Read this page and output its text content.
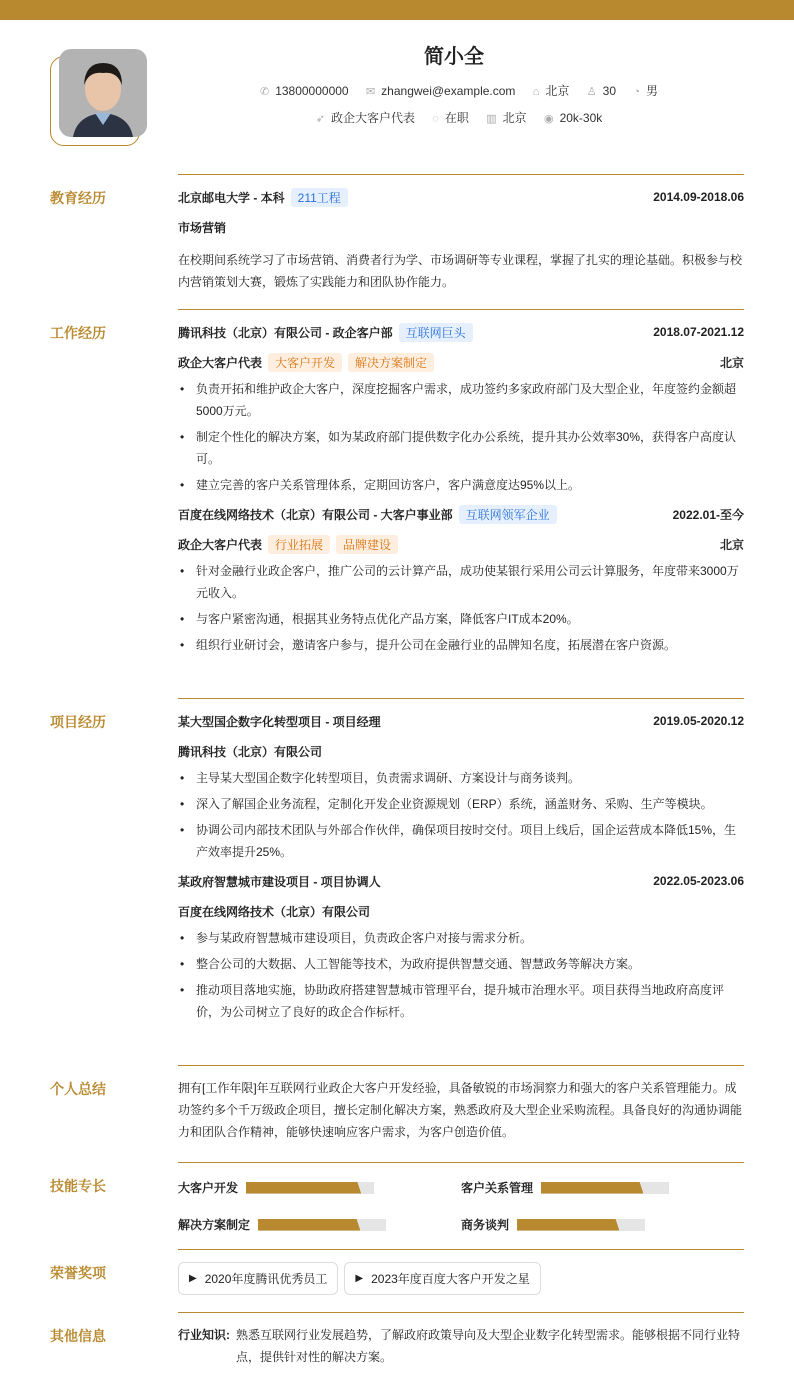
简小全
✆ 13800000000 ✉ zhangwei@example.com ⌂ 北京 ♙ 30 ◔ 男
➶ 政企大客户代表 ◌ 在职 ▥ 北京 ◉ 20k-30k
教育经历	北京邮电大学 - 本科 211工程	2014.09-2018.06
市场营销

在校期间系统学习了市场营销、消费者行为学、市场调研等专业课程，掌握了扎实的理论基础。积极参与校内营销策划大赛，锻炼了实践能力和团队协作能力。

工作经历	腾讯科技（北京）有限公司 - 政企客户部 互联网巨头	2018.07-2021.12
政企大客户代表 大客户开发 解决方案制定	北京
• 负责开拓和维护政企大客户，深度挖掘客户需求，成功签约多家政府部门及大型企业，年度签约金额超5000万元。
• 制定个性化的解决方案，如为某政府部门提供数字化办公系统，提升其办公效率30%，获得客户高度认可。
• 建立完善的客户关系管理体系，定期回访客户，客户满意度达95%以上。
百度在线网络技术（北京）有限公司 - 大客户事业部 互联网领军企业	2022.01-至今
政企大客户代表 行业拓展 品牌建设	北京
• 针对金融行业政企客户，推广公司的云计算产品，成功使某银行采用公司云计算服务，年度带来3000万元收入。
• 与客户紧密沟通，根据其业务特点优化产品方案，降低客户IT成本20%。
• 组织行业研讨会，邀请客户参与，提升公司在金融行业的品牌知名度，拓展潜在客户资源。
项目经历	某大型国企数字化转型项目 - 项目经理	2019.05-2020.12
腾讯科技（北京）有限公司
• 主导某大型国企数字化转型项目，负责需求调研、方案设计与商务谈判。
• 深入了解国企业务流程，定制化开发企业资源规划（ERP）系统，涵盖财务、采购、生产等模块。
• 协调公司内部技术团队与外部合作伙伴，确保项目按时交付。项目上线后，国企运营成本降低15%，生产效率提升25%。
某政府智慧城市建设项目 - 项目协调人	2022.05-2023.06
百度在线网络技术（北京）有限公司
• 参与某政府智慧城市建设项目，负责政企客户对接与需求分析。
• 整合公司的大数据、人工智能等技术，为政府提供智慧交通、智慧政务等解决方案。
• 推动项目落地实施，协助政府搭建智慧城市管理平台，提升城市治理水平。项目获得当地政府高度评价，为公司树立了良好的政企合作标杆。
个人总结	拥有[工作年限]年互联网行业政企大客户开发经验，具备敏锐的市场洞察力和强大的客户关系管理能力。成功签约多个千万级政企项目，擅长定制化解决方案，熟悉政府及大型企业采购流程。具备良好的沟通协调能力和团队合作精神，能够快速响应客户需求，为客户创造价值。

技能专长	大客户开发	客户关系管理
解决方案制定	商务谈判
荣誉奖项	▶ 2020年度腾讯优秀员工	▶ 2023年度百度大客户开发之星
其他信息	行业知识: 熟悉互联网行业发展趋势，了解政府政策导向及大型企业数字化转型需求。能够根据不同行业特点，提供针对性的解决方案。
